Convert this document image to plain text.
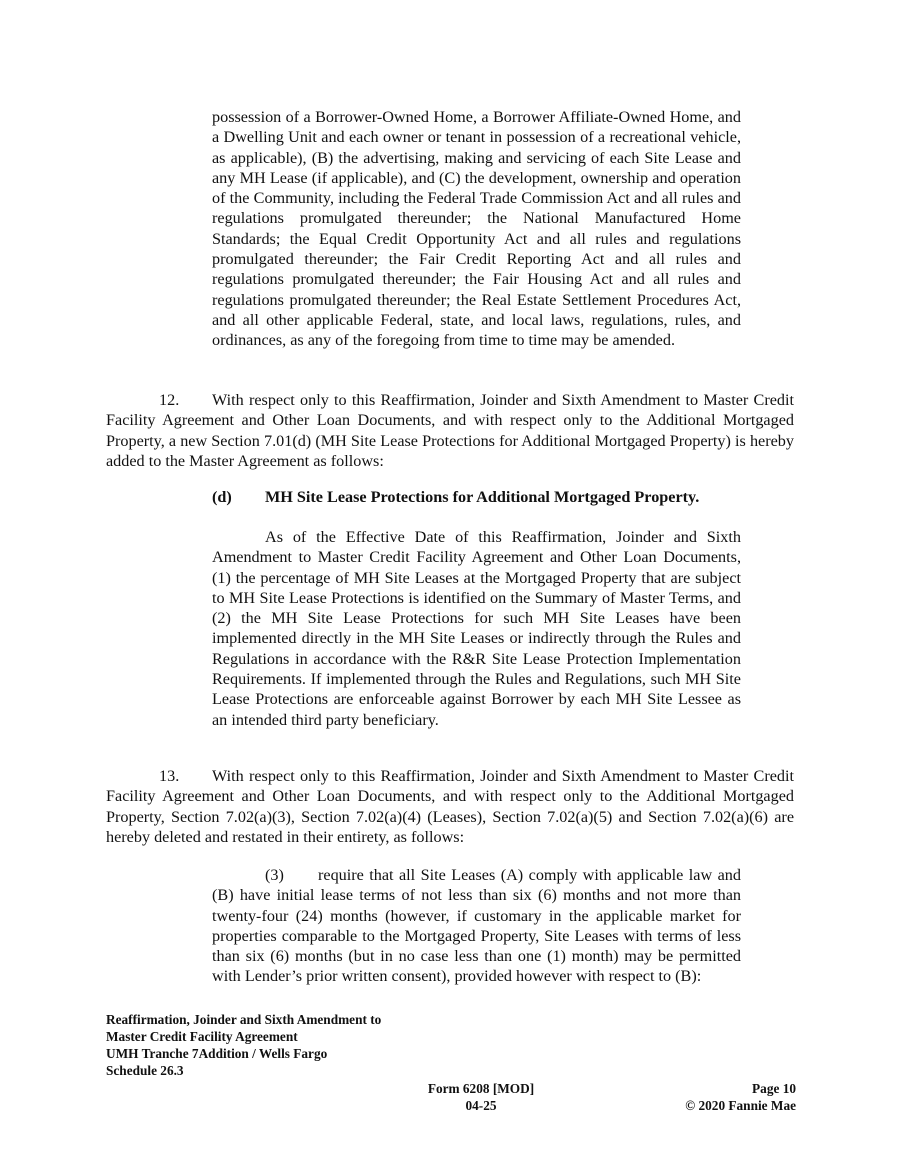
possession of a Borrower-Owned Home, a Borrower Affiliate-Owned Home, and a Dwelling Unit and each owner or tenant in possession of a recreational vehicle, as applicable), (B) the advertising, making and servicing of each Site Lease and any MH Lease (if applicable), and (C) the development, ownership and operation of the Community, including the Federal Trade Commission Act and all rules and regulations promulgated thereunder; the National Manufactured Home Standards; the Equal Credit Opportunity Act and all rules and regulations promulgated thereunder; the Fair Credit Reporting Act and all rules and regulations promulgated thereunder; the Fair Housing Act and all rules and regulations promulgated thereunder; the Real Estate Settlement Procedures Act, and all other applicable Federal, state, and local laws, regulations, rules, and ordinances, as any of the foregoing from time to time may be amended.

12. With respect only to this Reaffirmation, Joinder and Sixth Amendment to Master Credit Facility Agreement and Other Loan Documents, and with respect only to the Additional Mortgaged Property, a new Section 7.01(d) (MH Site Lease Protections for Additional Mortgaged Property) is hereby added to the Master Agreement as follows:

(d) MH Site Lease Protections for Additional Mortgaged Property.

As of the Effective Date of this Reaffirmation, Joinder and Sixth Amendment to Master Credit Facility Agreement and Other Loan Documents, (1) the percentage of MH Site Leases at the Mortgaged Property that are subject to MH Site Lease Protections is identified on the Summary of Master Terms, and (2) the MH Site Lease Protections for such MH Site Leases have been implemented directly in the MH Site Leases or indirectly through the Rules and Regulations in accordance with the R&R Site Lease Protection Implementation Requirements. If implemented through the Rules and Regulations, such MH Site Lease Protections are enforceable against Borrower by each MH Site Lessee as an intended third party beneficiary.

13. With respect only to this Reaffirmation, Joinder and Sixth Amendment to Master Credit Facility Agreement and Other Loan Documents, and with respect only to the Additional Mortgaged Property, Section 7.02(a)(3), Section 7.02(a)(4) (Leases), Section 7.02(a)(5) and Section 7.02(a)(6) are hereby deleted and restated in their entirety, as follows:

(3) require that all Site Leases (A) comply with applicable law and (B) have initial lease terms of not less than six (6) months and not more than twenty-four (24) months (however, if customary in the applicable market for properties comparable to the Mortgaged Property, Site Leases with terms of less than six (6) months (but in no case less than one (1) month) may be permitted with Lender’s prior written consent), provided however with respect to (B):

Reaffirmation, Joinder and Sixth Amendment to
Master Credit Facility Agreement
UMH Tranche 7Addition / Wells Fargo
Schedule 26.3
Form 6208 [MOD]
04-25
Page 10
© 2020 Fannie Mae
